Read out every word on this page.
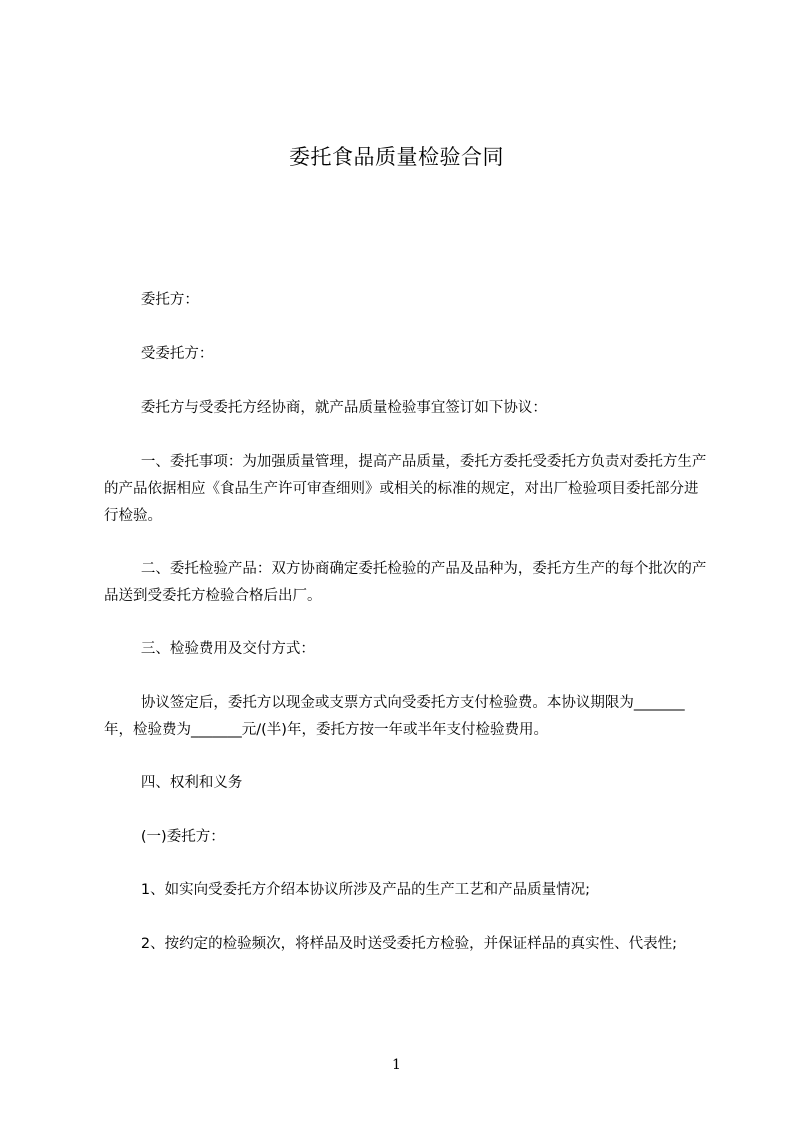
委托食品质量检验合同
委托方：
受委托方：
委托方与受委托方经协商，就产品质量检验事宜签订如下协议：
一、委托事项：为加强质量管理，提高产品质量，委托方委托受委托方负责对委托方生产的产品依据相应《食品生产许可审查细则》或相关的标准的规定，对出厂检验项目委托部分进行检验。
二、委托检验产品：双方协商确定委托检验的产品及品种为，委托方生产的每个批次的产品送到受委托方检验合格后出厂。
三、检验费用及交付方式：
协议签定后，委托方以现金或支票方式向受委托方支付检验费。本协议期限为_______年，检验费为_______元/(半)年，委托方按一年或半年支付检验费用。
四、权利和义务
(一)委托方：
1、如实向受委托方介绍本协议所涉及产品的生产工艺和产品质量情况;
2、按约定的检验频次，将样品及时送受委托方检验，并保证样品的真实性、代表性;
1
